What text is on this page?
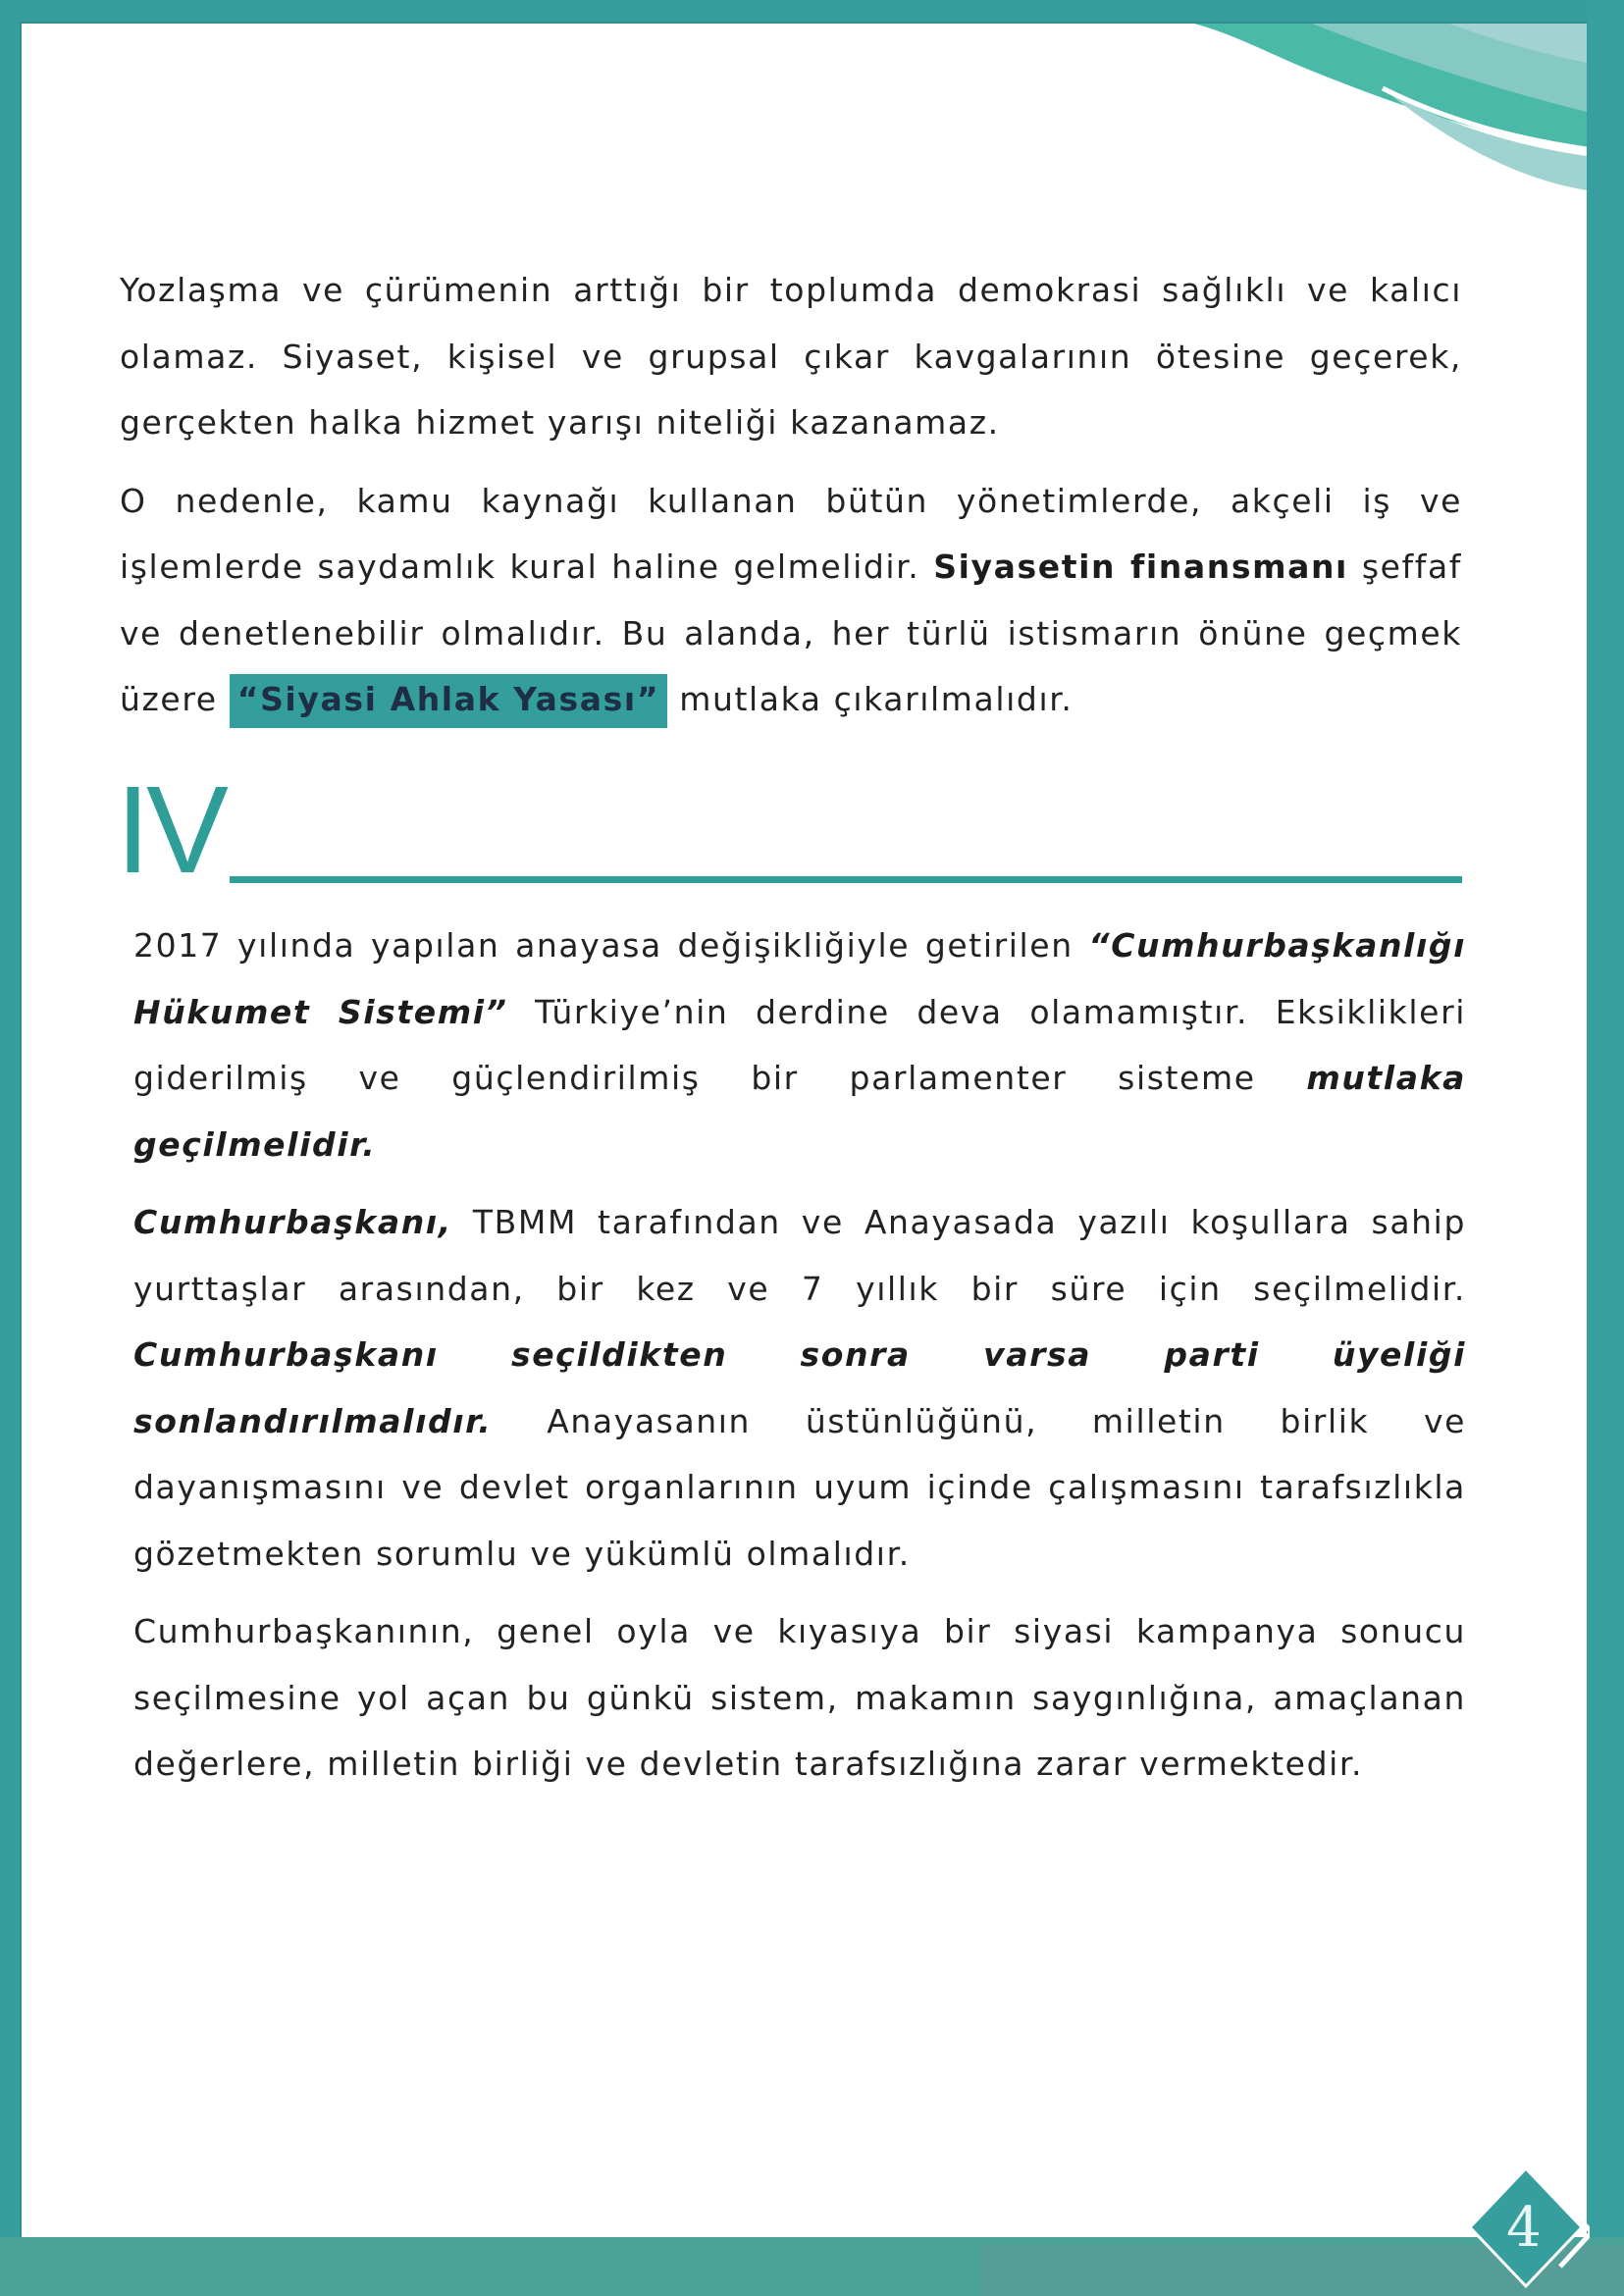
Yozlaşma ve çürümenin arttığı bir toplumda demokrasi sağlıklı ve kalıcı olamaz. Siyaset, kişisel ve grupsal çıkar kavgalarının ötesine geçerek, gerçekten halka hizmet yarışı niteliği kazanamaz.

O nedenle, kamu kaynağı kullanan bütün yönetimlerde, akçeli iş ve işlemlerde saydamlık kural haline gelmelidir. Siyasetin finansmanı şeffaf ve denetlenebilir olmalıdır. Bu alanda, her türlü istismarın önüne geçmek üzere “Siyasi Ahlak Yasası” mutlaka çıkarılmalıdır.

IV

2017 yılında yapılan anayasa değişikliğiyle getirilen “Cumhurbaşkanlığı Hükumet Sistemi” Türkiye’nin derdine deva olamamıştır. Eksiklikleri giderilmiş ve güçlendirilmiş bir parlamenter sisteme mutlaka geçilmelidir.

Cumhurbaşkanı, TBMM tarafından ve Anayasada yazılı koşullara sahip yurttaşlar arasından, bir kez ve 7 yıllık bir süre için seçilmelidir. Cumhurbaşkanı seçildikten sonra varsa parti üyeliği sonlandırılmalıdır. Anayasanın üstünlüğünü, milletin birlik ve dayanışmasını ve devlet organlarının uyum içinde çalışmasını tarafsızlıkla gözetmekten sorumlu ve yükümlü olmalıdır.

Cumhurbaşkanının, genel oyla ve kıyasıya bir siyasi kampanya sonucu seçilmesine yol açan bu günkü sistem, makamın saygınlığına, amaçlanan değerlere, milletin birliği ve devletin tarafsızlığına zarar vermektedir.

4
